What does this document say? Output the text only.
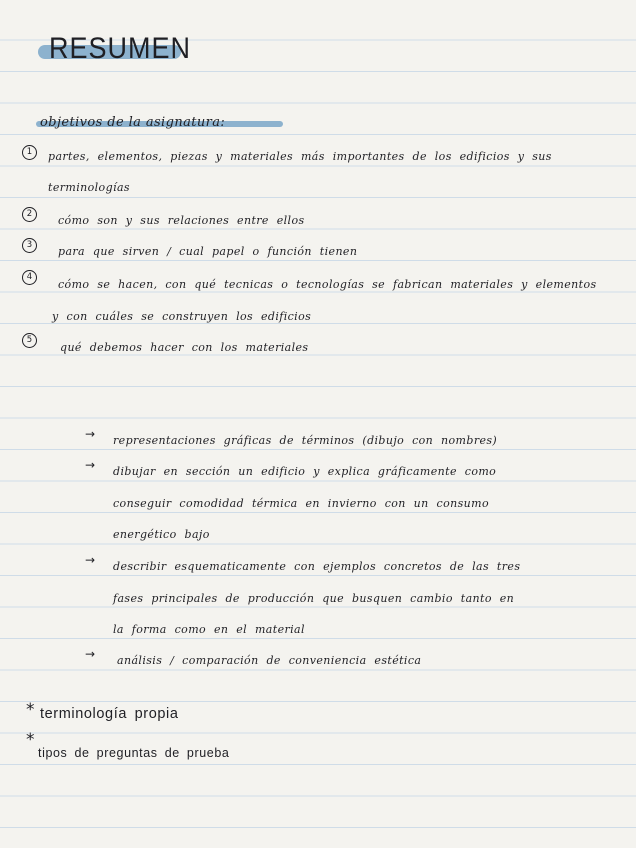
RESUMEN
objetivos de la asignatura:
1	partes, elementos, piezas y materiales más importantes de los edificios y sus

terminologías

2	cómo son y sus relaciones entre ellos

3	para que sirven / cual papel o función tienen

4

cómo se hacen, con qué tecnicas o tecnologías se fabrican materiales y elementos

y con cuáles se construyen los edificios

5

qué debemos hacer con los materiales

→ representaciones gráficas de términos (dibujo con nombres)

→ dibujar en sección un edificio y explica gráficamente como

conseguir comodidad térmica en invierno con un consumo

energético bajo

→ describir esquematicamente con ejemplos concretos de las tres

fases principales de producción que busquen cambio tanto en

la forma como en el material

→ análisis / comparación de conveniencia estética

* terminología propia

*

tipos de preguntas de prueba
